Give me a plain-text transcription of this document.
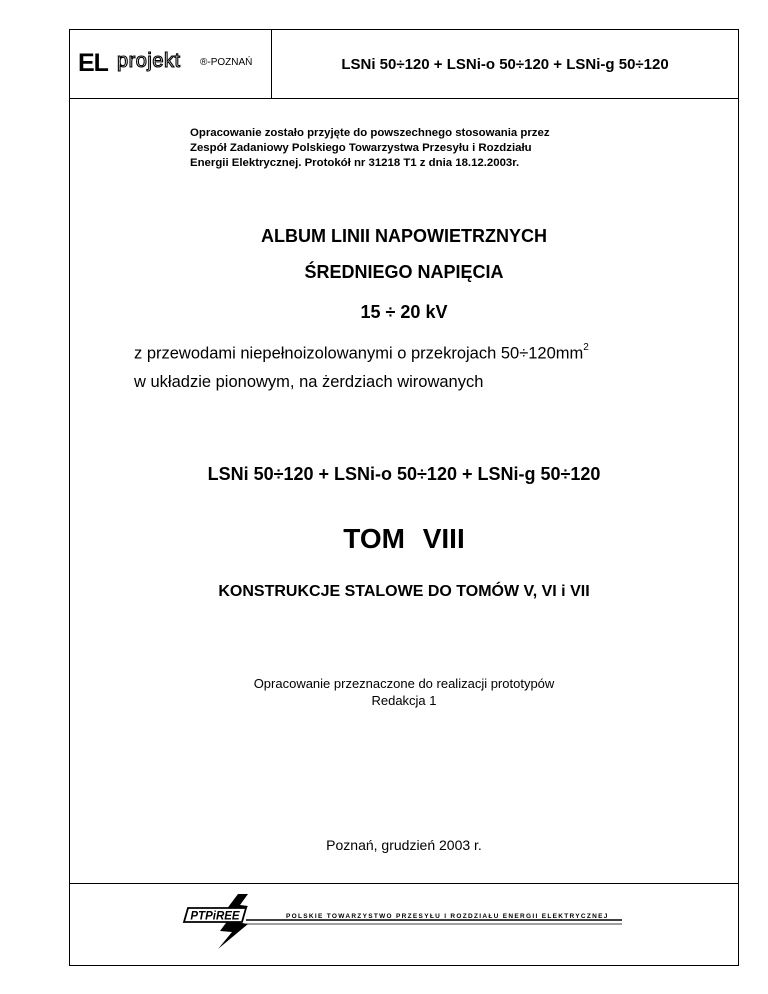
EL projekt ®-POZNAŃ	LSNi 50÷120 + LSNi-o 50÷120 + LSNi-g 50÷120
Opracowanie zostało przyjęte do powszechnego stosowania przez
Zespół Zadaniowy Polskiego Towarzystwa Przesyłu i Rozdziału
Energii Elektrycznej. Protokół nr 31218 T1 z dnia 18.12.2003r.
ALBUM LINII NAPOWIETRZNYCH
ŚREDNIEGO NAPIĘCIA
15 ÷ 20 kV
z przewodami niepełnoizolowanymi o przekrojach $50\div 120mm^2$
w układzie pionowym, na żerdziach wirowanych
LSNi 50÷120 + LSNi-o 50÷120 + LSNi-g 50÷120
TOM VIII
KONSTRUKCJE STALOWE DO TOMÓW V, VI i VII
Opracowanie przeznaczone do realizacji prototypów
Redakcja 1
Poznań, grudzień 2003 r.
PTPiREE	POLSKIE TOWARZYSTWO PRZESYŁU I ROZDZIAŁU ENERGII ELEKTRYCZNEJ
